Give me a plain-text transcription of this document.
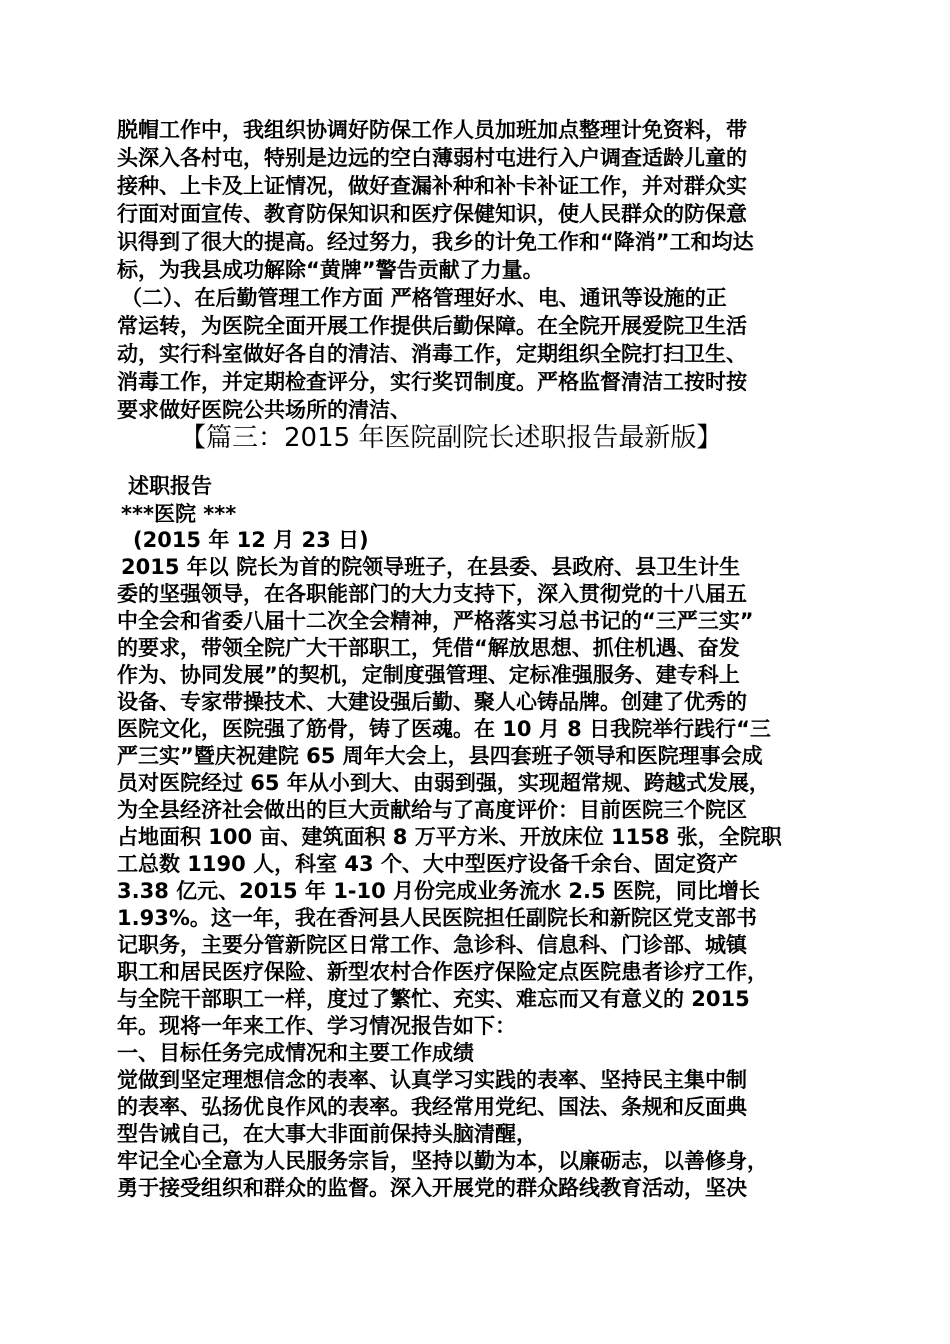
脱帽工作中，我组织协调好防保工作人员加班加点整理计免资料，带
头深入各村屯，特别是边远的空白薄弱村屯进行入户调查适龄儿童的
接种、上卡及上证情况，做好查漏补种和补卡补证工作，并对群众实
行面对面宣传、教育防保知识和医疗保健知识，使人民群众的防保意
识得到了很大的提高。经过努力，我乡的计免工作和“降消”工和均达
标，为我县成功解除“黄牌”警告贡献了力量。
（二）、在后勤管理工作方面 严格管理好水、电、通讯等设施的正
常运转，为医院全面开展工作提供后勤保障。在全院开展爱院卫生活
动，实行科室做好各自的清洁、消毒工作，定期组织全院打扫卫生、
消毒工作，并定期检查评分，实行奖罚制度。严格监督清洁工按时按
要求做好医院公共场所的清洁、
【篇三：2015 年医院副院长述职报告最新版】
述职报告
***医院 ***
(2015 年 12 月 23 日)
2015 年以 院长为首的院领导班子，在县委、县政府、县卫生计生
委的坚强领导，在各职能部门的大力支持下，深入贯彻党的十八届五
中全会和省委八届十二次全会精神，严格落实习总书记的“三严三实”
的要求，带领全院广大干部职工，凭借“解放思想、抓住机遇、奋发
作为、协同发展”的契机，定制度强管理、定标准强服务、建专科上
设备、专家带操技术、大建设强后勤、聚人心铸品牌。创建了优秀的
医院文化，医院强了筋骨，铸了医魂。在 10 月 8 日我院举行践行“三
严三实”暨庆祝建院 65 周年大会上，县四套班子领导和医院理事会成
员对医院经过 65 年从小到大、由弱到强，实现超常规、跨越式发展，
为全县经济社会做出的巨大贡献给与了高度评价：目前医院三个院区
占地面积 100 亩、建筑面积 8 万平方米、开放床位 1158 张，全院职
工总数 1190 人，科室 43 个、大中型医疗设备千余台、固定资产
3.38 亿元、2015 年 1-10 月份完成业务流水 2.5 医院，同比增长
1.93%。这一年，我在香河县人民医院担任副院长和新院区党支部书
记职务，主要分管新院区日常工作、急诊科、信息科、门诊部、城镇
职工和居民医疗保险、新型农村合作医疗保险定点医院患者诊疗工作，
与全院干部职工一样，度过了繁忙、充实、难忘而又有意义的 2015
年。现将一年来工作、学习情况报告如下：
一、目标任务完成情况和主要工作成绩
觉做到坚定理想信念的表率、认真学习实践的表率、坚持民主集中制
的表率、弘扬优良作风的表率。我经常用党纪、国法、条规和反面典
型告诫自己，在大事大非面前保持头脑清醒，
牢记全心全意为人民服务宗旨，坚持以勤为本，以廉砺志，以善修身，
勇于接受组织和群众的监督。深入开展党的群众路线教育活动，坚决
